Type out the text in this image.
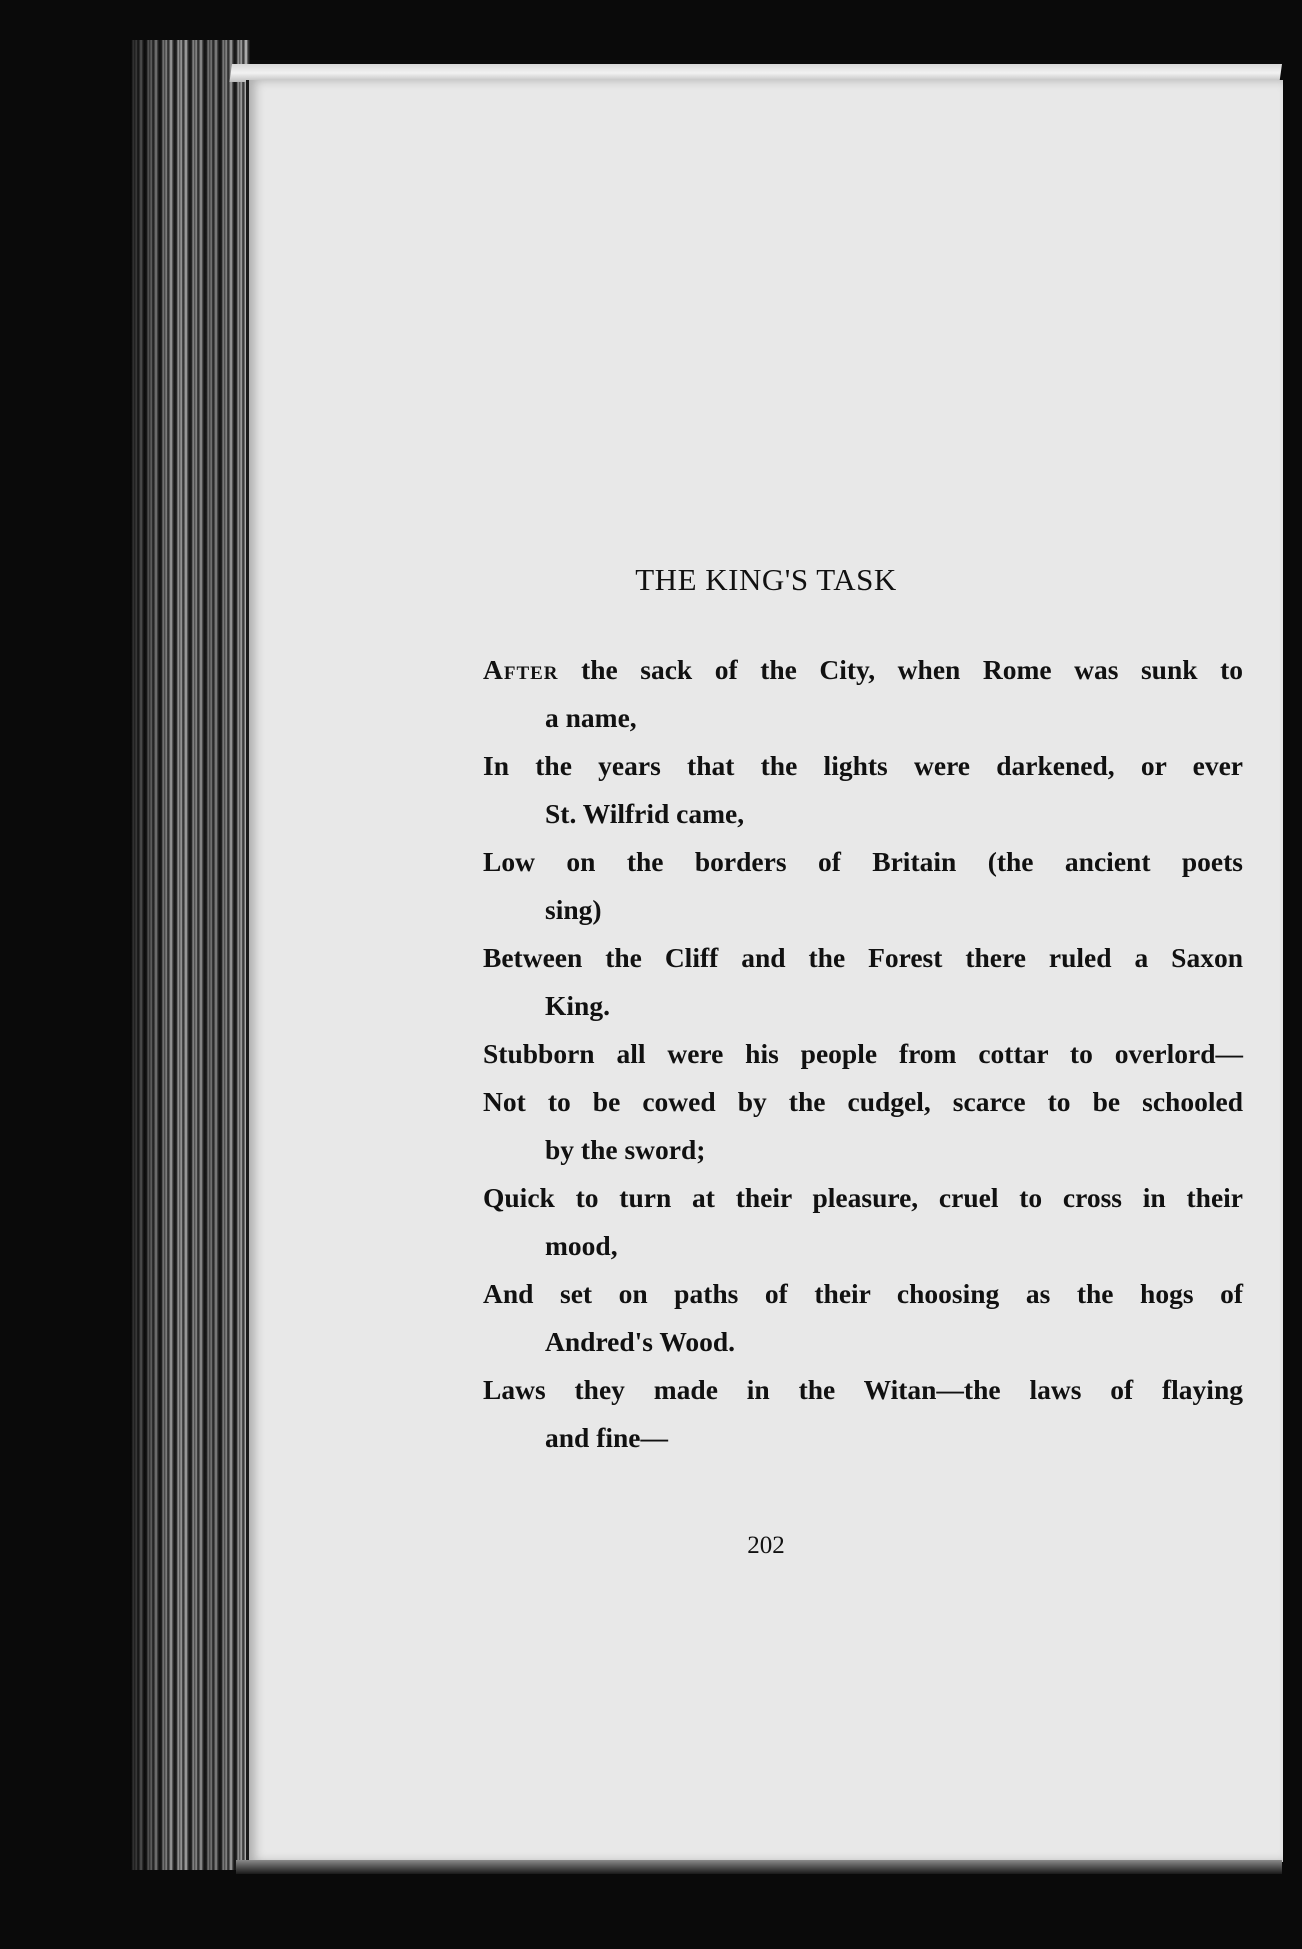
THE KING'S TASK
After the sack of the City, when Rome was sunk to
a name,
In the years that the lights were darkened, or ever
St. Wilfrid came,
Low on the borders of Britain (the ancient poets
sing)
Between the Cliff and the Forest there ruled a Saxon
King.
Stubborn all were his people from cottar to overlord—
Not to be cowed by the cudgel, scarce to be schooled
by the sword;
Quick to turn at their pleasure, cruel to cross in their
mood,
And set on paths of their choosing as the hogs of
Andred's Wood.
Laws they made in the Witan—the laws of flaying
and fine—
202
